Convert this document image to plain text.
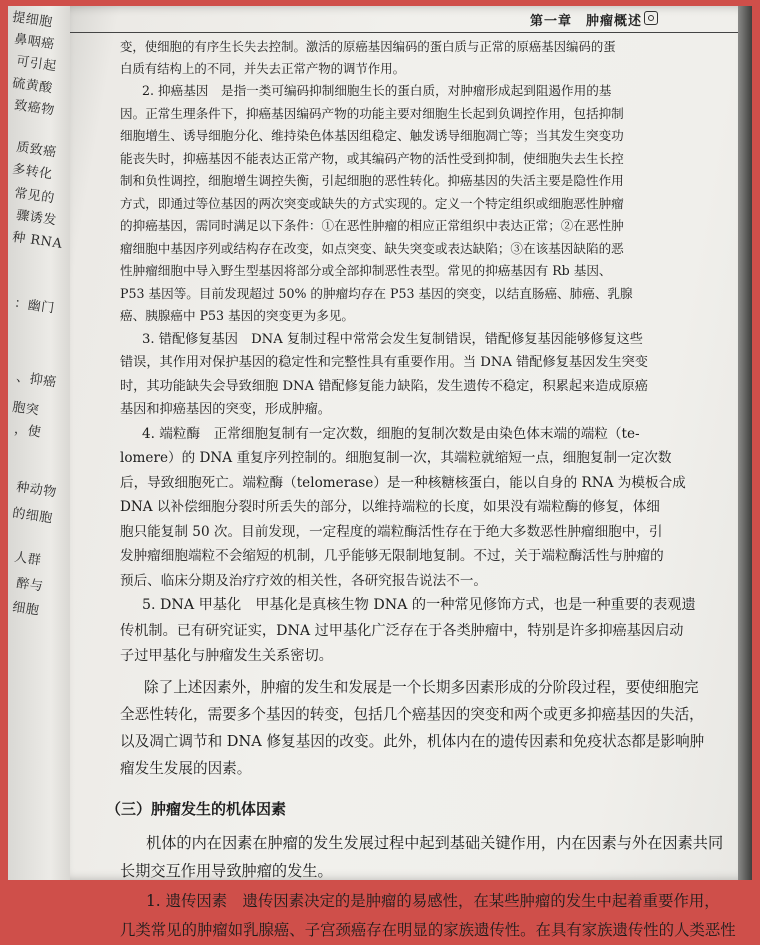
提细胞
鼻咽癌
可引起
硫黄酸
致癌物
质致癌
多转化
常见的
骤诱发
种 RNA
：幽门
、抑癌
胞突
，使
种动物
的细胞
人群
醉与
细胞
第一章　肿瘤概述

变，使细胞的有序生长失去控制。激活的原癌基因编码的蛋白质与正常的原癌基因编码的蛋
白质有结构上的不同，并失去正常产物的调节作用。

2. 抑癌基因　是指一类可编码抑制细胞生长的蛋白质，对肿瘤形成起到阻遏作用的基
因。正常生理条件下，抑癌基因编码产物的功能主要对细胞生长起到负调控作用，包括抑制
细胞增生、诱导细胞分化、维持染色体基因组稳定、触发诱导细胞凋亡等；当其发生突变功
能丧失时，抑癌基因不能表达正常产物，或其编码产物的活性受到抑制，使细胞失去生长控
制和负性调控，细胞增生调控失衡，引起细胞的恶性转化。抑癌基因的失活主要是隐性作用
方式，即通过等位基因的两次突变或缺失的方式实现的。定义一个特定组织或细胞恶性肿瘤
的抑癌基因，需同时满足以下条件：①在恶性肿瘤的相应正常组织中表达正常；②在恶性肿
瘤细胞中基因序列或结构存在改变，如点突变、缺失突变或表达缺陷；③在该基因缺陷的恶
性肿瘤细胞中导入野生型基因将部分或全部抑制恶性表型。常见的抑癌基因有 Rb 基因、
P53 基因等。目前发现超过 50% 的肿瘤均存在 P53 基因的突变，以结直肠癌、肺癌、乳腺
癌、胰腺癌中 P53 基因的突变更为多见。

3. 错配修复基因　DNA 复制过程中常常会发生复制错误，错配修复基因能够修复这些
错误，其作用对保护基因的稳定性和完整性具有重要作用。当 DNA 错配修复基因发生突变
时，其功能缺失会导致细胞 DNA 错配修复能力缺陷，发生遗传不稳定，积累起来造成原癌
基因和抑癌基因的突变，形成肿瘤。

4. 端粒酶　正常细胞复制有一定次数，细胞的复制次数是由染色体末端的端粒（te-
lomere）的 DNA 重复序列控制的。细胞复制一次，其端粒就缩短一点，细胞复制一定次数
后，导致细胞死亡。端粒酶（telomerase）是一种核糖核蛋白，能以自身的 RNA 为模板合成
DNA 以补偿细胞分裂时所丢失的部分，以维持端粒的长度，如果没有端粒酶的修复，体细
胞只能复制 50 次。目前发现，一定程度的端粒酶活性存在于绝大多数恶性肿瘤细胞中，引
发肿瘤细胞端粒不会缩短的机制，几乎能够无限制地复制。不过，关于端粒酶活性与肿瘤的
预后、临床分期及治疗疗效的相关性，各研究报告说法不一。

5. DNA 甲基化　甲基化是真核生物 DNA 的一种常见修饰方式，也是一种重要的表观遗
传机制。已有研究证实，DNA 过甲基化广泛存在于各类肿瘤中，特别是许多抑癌基因启动
子过甲基化与肿瘤发生关系密切。

除了上述因素外，肿瘤的发生和发展是一个长期多因素形成的分阶段过程，要使细胞完
全恶性转化，需要多个基因的转变，包括几个癌基因的突变和两个或更多抑癌基因的失活，
以及凋亡调节和 DNA 修复基因的改变。此外，机体内在的遗传因素和免疫状态都是影响肿
瘤发生发展的因素。

（三）肿瘤发生的机体因素

机体的内在因素在肿瘤的发生发展过程中起到基础关键作用，内在因素与外在因素共同
长期交互作用导致肿瘤的发生。

1. 遗传因素　遗传因素决定的是肿瘤的易感性，在某些肿瘤的发生中起着重要作用，
几类常见的肿瘤如乳腺癌、子宫颈癌存在明显的家族遗传性。在具有家族遗传性的人类恶性
